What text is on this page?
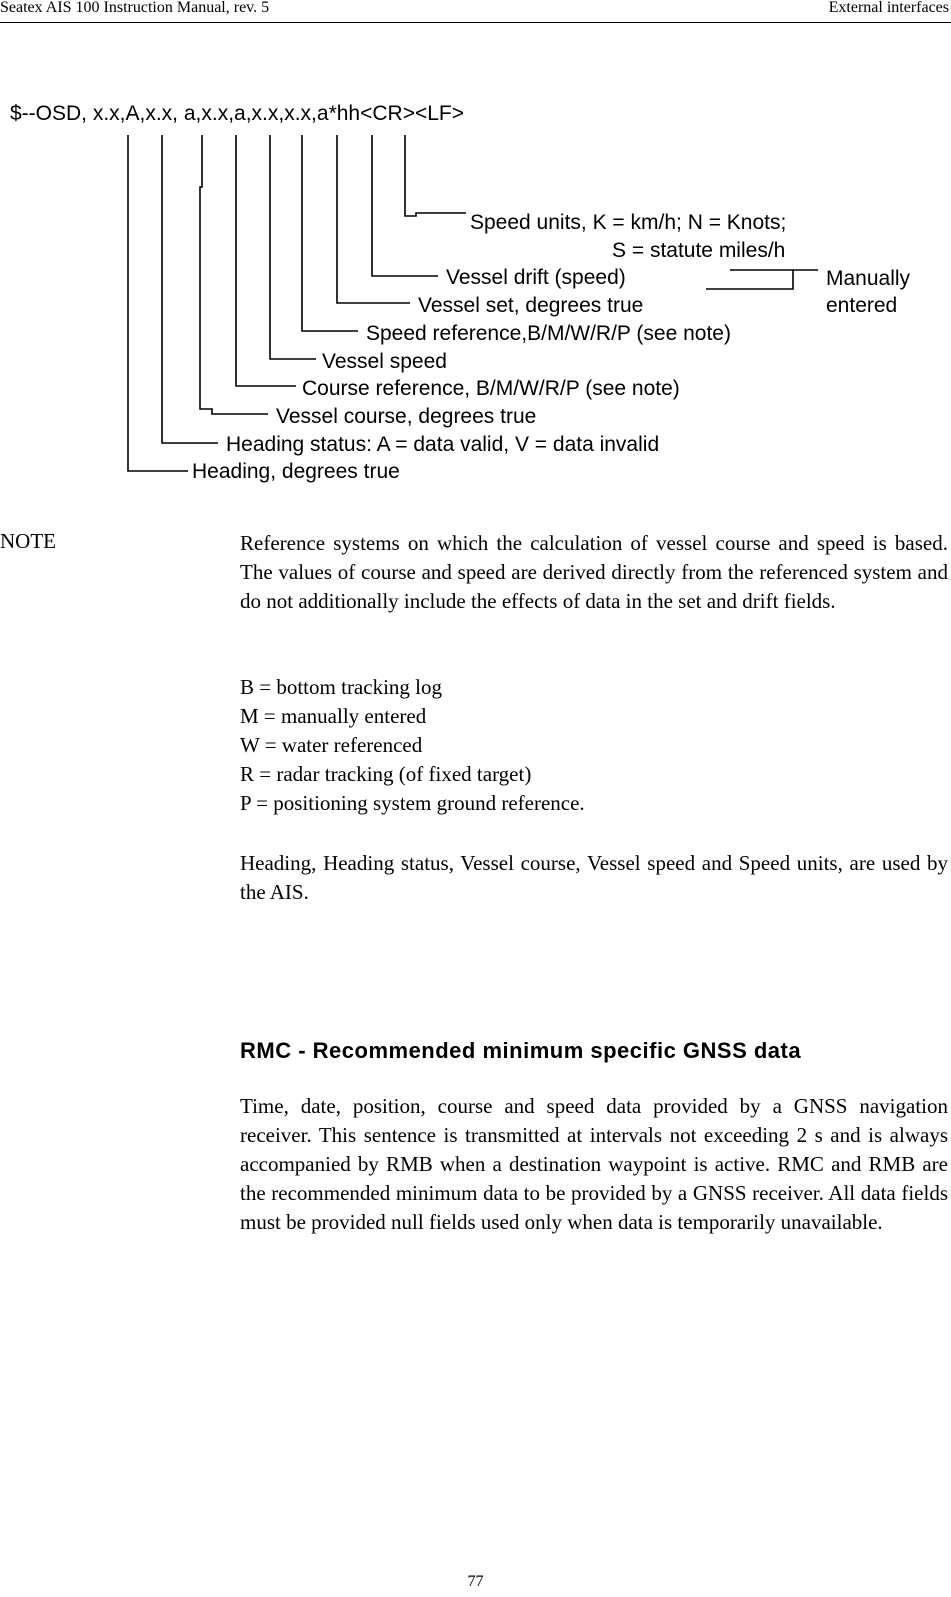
Seatex AIS 100 Instruction Manual, rev. 5	External interfaces
$--OSD, x.x,A,x.x, a,x.x,a,x.x,x.x,a*hh<CR><LF>
Speed units, K = km/h; N = Knots;
S = statute miles/h
Vessel drift (speed)
Vessel set, degrees true
Speed reference,B/M/W/R/P (see note)
Vessel speed
Course reference, B/M/W/R/P (see note)
Vessel course, degrees true
Heading status: A = data valid, V = data invalid
Heading, degrees true
Manually
entered
NOTE	Reference systems on which the calculation of vessel course and speed is based. The values of course and speed are derived directly from the referenced system and do not additionally include the effects of data in the set and drift fields.
B = bottom tracking log
M = manually entered
W = water referenced
R = radar tracking (of fixed target)
P = positioning system ground reference.
Heading, Heading status, Vessel course, Vessel speed and Speed units, are used by the AIS.
RMC - Recommended minimum specific GNSS data
Time, date, position, course and speed data provided by a GNSS navigation receiver. This sentence is transmitted at intervals not exceeding 2 s and is always accompanied by RMB when a destination waypoint is active. RMC and RMB are the recommended minimum data to be provided by a GNSS receiver. All data fields must be provided null fields used only when data is temporarily unavailable.
77
